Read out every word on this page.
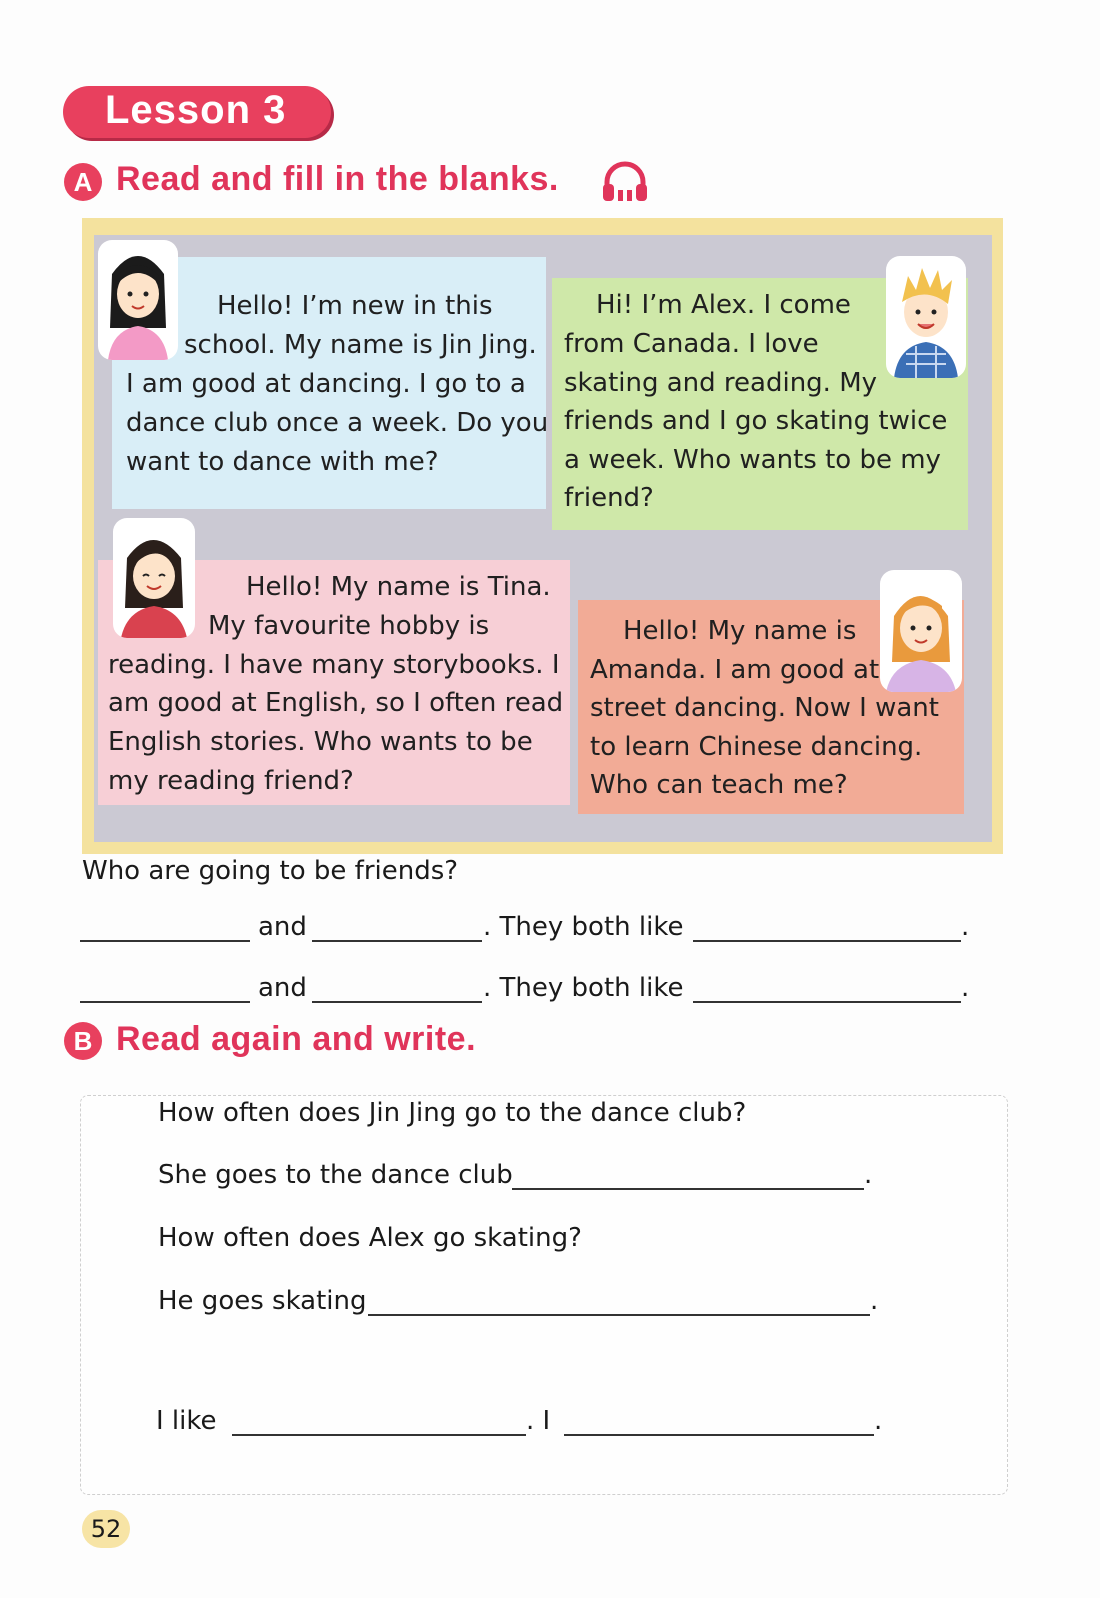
Lesson 3
A Read and fill in the blanks.

Hello! I’m new in this

school. My name is Jin Jing.

I am good at dancing. I go to a

dance club once a week. Do you

want to dance with me?

Hi! I’m Alex. I come

from Canada. I love

skating and reading. My

friends and I go skating twice

a week. Who wants to be my

friend?

Hello! My name is Tina.

My favourite hobby is

reading. I have many storybooks. I

am good at English, so I often read

English stories. Who wants to be

my reading friend?

Hello! My name is

Amanda. I am good at

street dancing. Now I want

to learn Chinese dancing.

Who can teach me?

Who are going to be friends?
and	. They both like	.
and	. They both like	.
B Read again and write.
How often does Jin Jing go to the dance club?
She goes to the dance club	.
How often does Alex go skating?
He goes skating	.
I like	. I	.
52
